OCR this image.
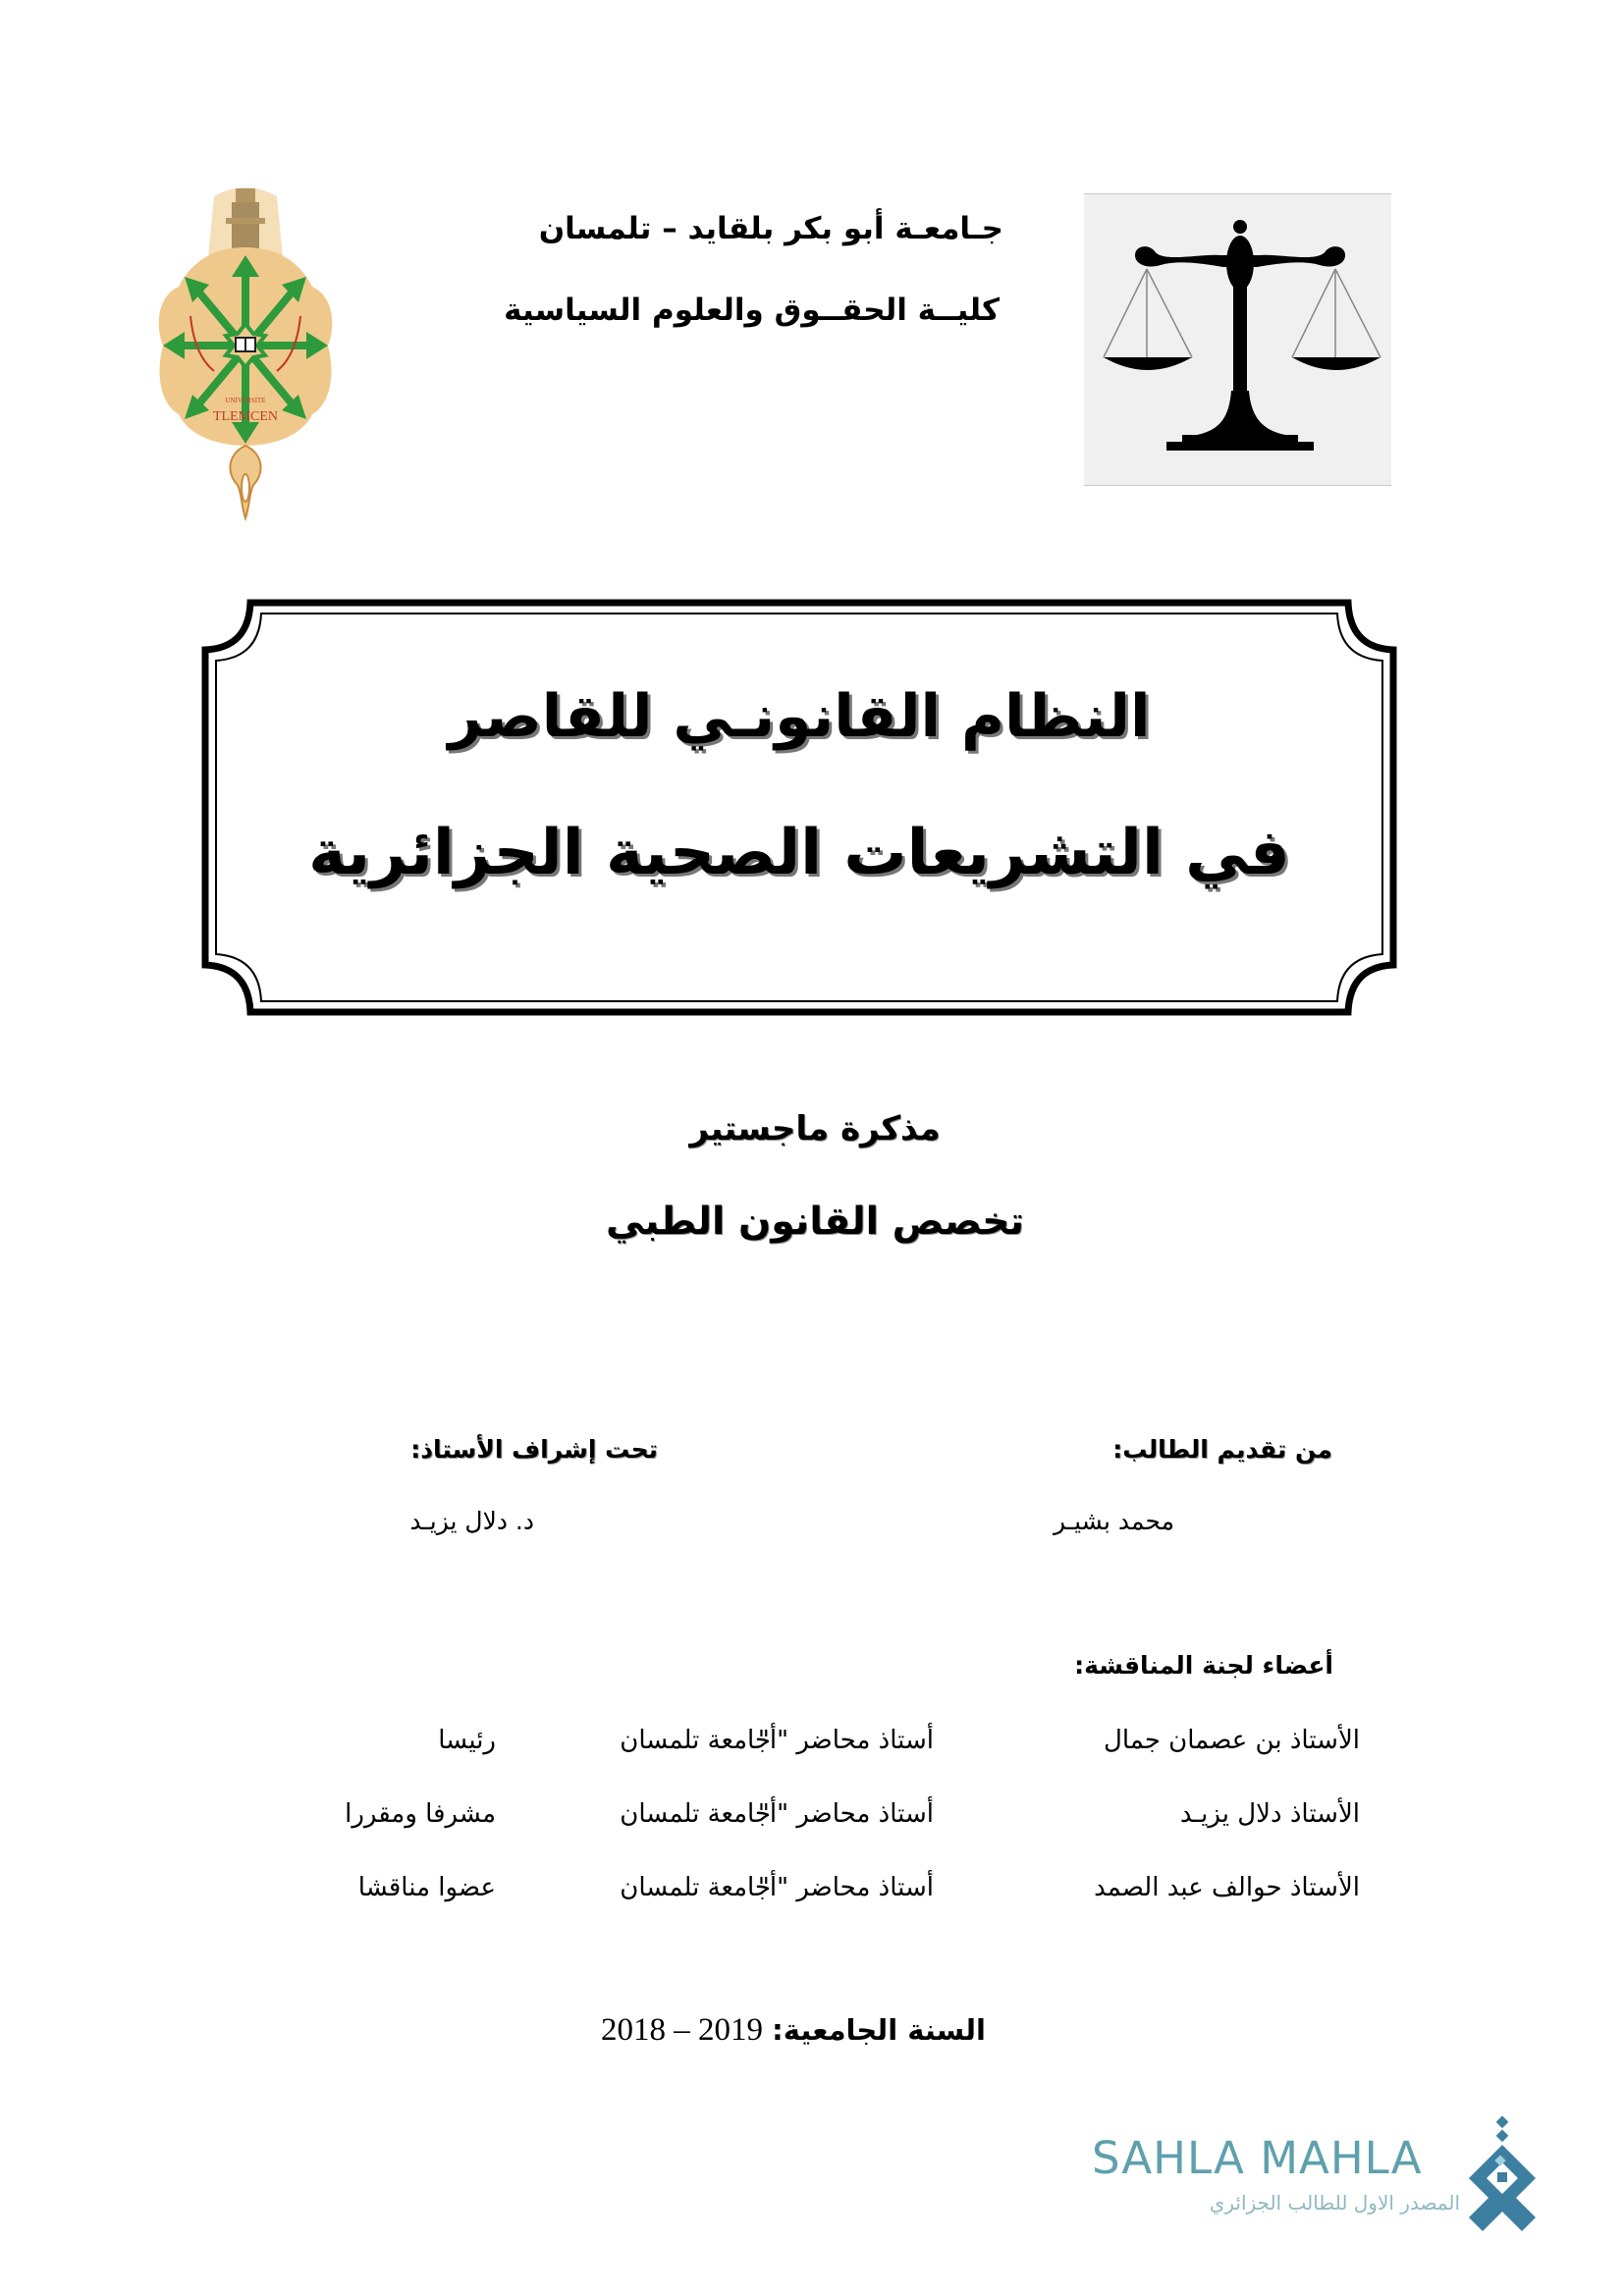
UNIVERSITE
TLEMCEN
جـامعـة أبو بكر بلقايد – تلمسان
كليــة الحقــوق والعلوم السياسية
النظام القانونـي للقاصر
في التشريعات الصحية الجزائرية
مذكرة ماجستير
تخصص القانون الطبي
من تقديم الطالب:
محمد بشيـر
تحت إشراف الأستاذ:
د. دلال يزيـد
أعضاء لجنة المناقشة:
الأستاذ بن عصمان جمال
أستاذ محاضر "أ"
جامعة تلمسان
رئيسا
الأستاذ دلال يزيـد
أستاذ محاضر "أ"
جامعة تلمسان
مشرفا ومقررا
الأستاذ حوالف عبد الصمد
أستاذ محاضر "أ"
جامعة تلمسان
عضوا مناقشا
السنة الجامعية: 2018 – 2019
SAHLA MAHLA
المصدر الاول للطالب الجزائري
